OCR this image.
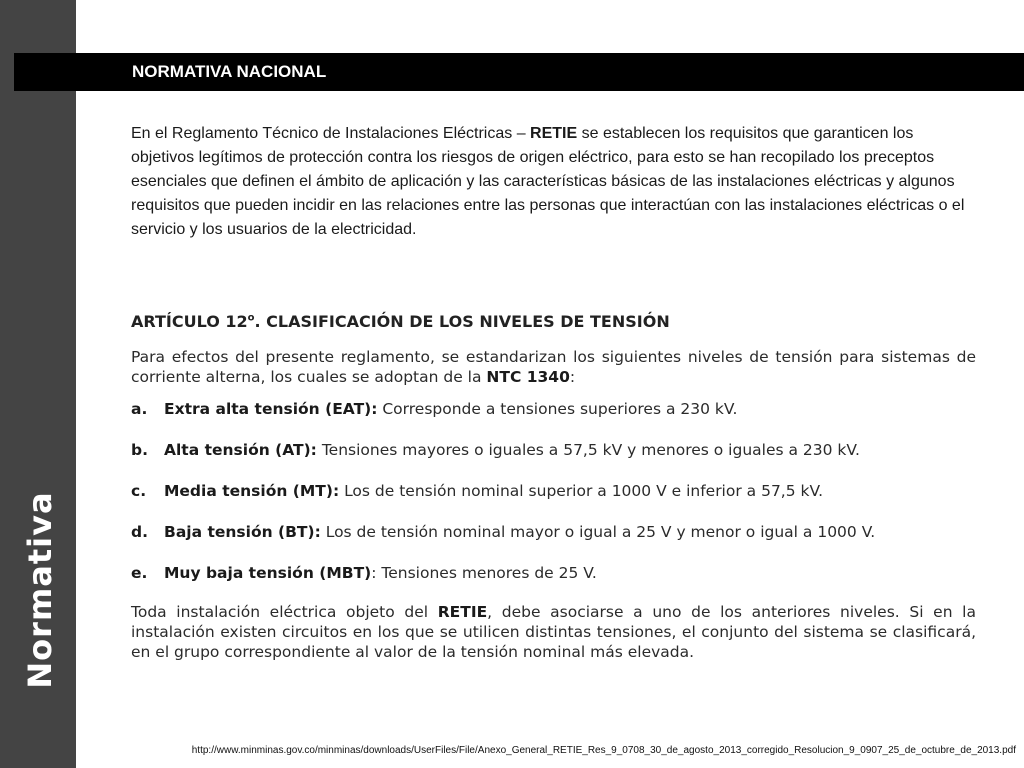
Normativa
NORMATIVA NACIONAL

En el Reglamento Técnico de Instalaciones Eléctricas – RETIE se establecen los requisitos que garanticen los objetivos legítimos de protección contra los riesgos de origen eléctrico, para esto se han recopilado los preceptos esenciales que definen el ámbito de aplicación y las características básicas de las instalaciones eléctricas y algunos requisitos que pueden incidir en las relaciones entre las personas que interactúan con las instalaciones eléctricas o el servicio y los usuarios de la electricidad.

ARTÍCULO 12$^o$. CLASIFICACIÓN DE LOS NIVELES DE TENSIÓN

Para efectos del presente reglamento, se estandarizan los siguientes niveles de tensión para sistemas de corriente alterna, los cuales se adoptan de la NTC 1340:

a. Extra alta tensión (EAT): Corresponde a tensiones superiores a 230 kV.
b. Alta tensión (AT): Tensiones mayores o iguales a 57,5 kV y menores o iguales a 230 kV.
c. Media tensión (MT): Los de tensión nominal superior a 1000 V e inferior a 57,5 kV.
d. Baja tensión (BT): Los de tensión nominal mayor o igual a 25 V y menor o igual a 1000 V.
e. Muy baja tensión (MBT): Tensiones menores de 25 V.

Toda instalación eléctrica objeto del RETIE, debe asociarse a uno de los anteriores niveles. Si en la instalación existen circuitos en los que se utilicen distintas tensiones, el conjunto del sistema se clasificará, en el grupo correspondiente al valor de la tensión nominal más elevada.

http://www.minminas.gov.co/minminas/downloads/UserFiles/File/Anexo_General_RETIE_Res_9_0708_30_de_agosto_2013_corregido_Resolucion_9_0907_25_de_octubre_de_2013.pdf
